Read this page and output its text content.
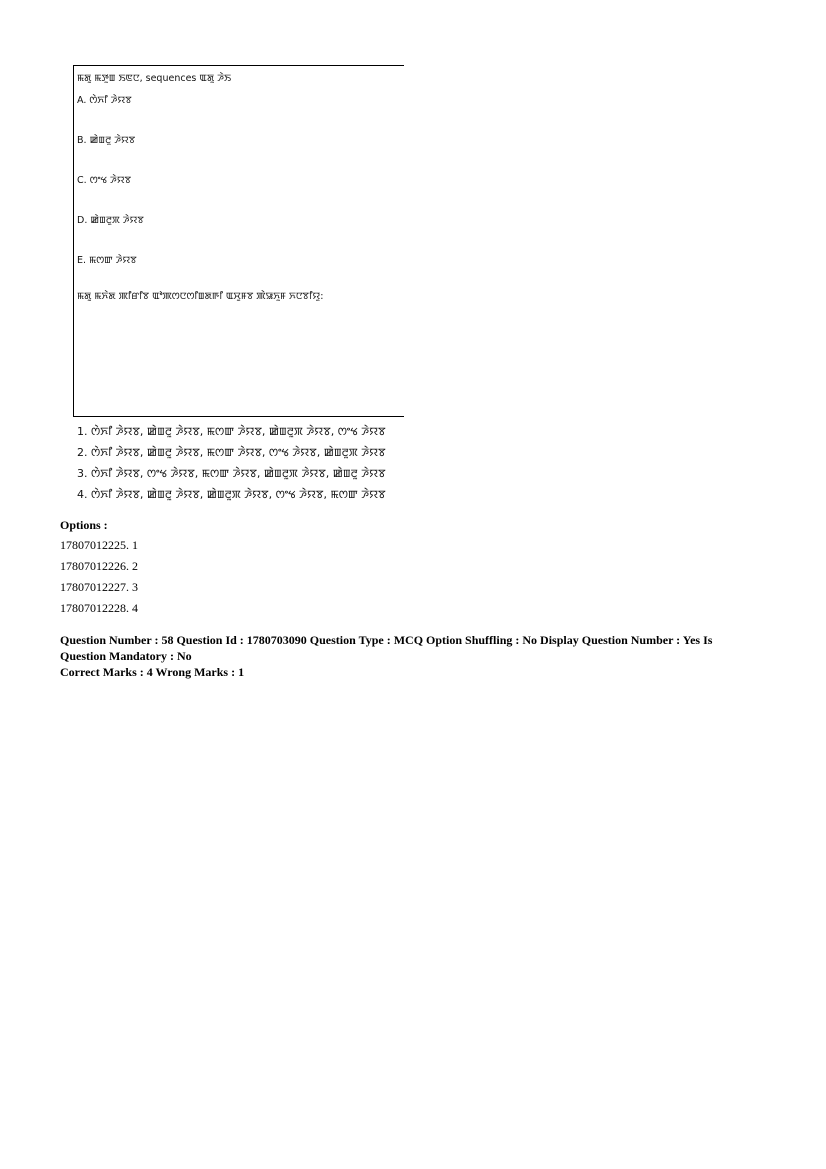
ꯃꯗꯨ ꯃꯇꯨꯡ ꯏꯟꯅ, sequences ꯑꯗꯨ ꯍꯥꯏ
A. ꯁꯥꯈꯤ ꯍꯥꯌꯕ
B. ꯀꯥꯡꯂꯨ ꯍꯥꯌꯕ
C. ꯁꯦꯠ ꯍꯥꯌꯕ
D. ꯀꯥꯡꯂꯨꯞ ꯍꯥꯌꯕ
E. ꯃꯁꯛ ꯍꯥꯌꯕ
ꯃꯗꯨ ꯃꯈꯥꯗ ꯄꯤꯔꯤꯕ ꯑꯣꯄꯁꯅꯁꯤꯡꯗꯒꯤ ꯑꯆꯨꯝꯕ ꯄꯥꯎꯈꯨꯝ ꯈꯅꯕꯤꯌꯨ:
1. ꯁꯥꯈꯤ ꯍꯥꯌꯕ, ꯀꯥꯡꯂꯨ ꯍꯥꯌꯕ, ꯃꯁꯛ ꯍꯥꯌꯕ, ꯀꯥꯡꯂꯨꯞ ꯍꯥꯌꯕ, ꯁꯦꯠ ꯍꯥꯌꯕ
2. ꯁꯥꯈꯤ ꯍꯥꯌꯕ, ꯀꯥꯡꯂꯨ ꯍꯥꯌꯕ, ꯃꯁꯛ ꯍꯥꯌꯕ, ꯁꯦꯠ ꯍꯥꯌꯕ, ꯀꯥꯡꯂꯨꯞ ꯍꯥꯌꯕ
3. ꯁꯥꯈꯤ ꯍꯥꯌꯕ, ꯁꯦꯠ ꯍꯥꯌꯕ, ꯃꯁꯛ ꯍꯥꯌꯕ, ꯀꯥꯡꯂꯨꯞ ꯍꯥꯌꯕ, ꯀꯥꯡꯂꯨ ꯍꯥꯌꯕ
4. ꯁꯥꯈꯤ ꯍꯥꯌꯕ, ꯀꯥꯡꯂꯨ ꯍꯥꯌꯕ, ꯀꯥꯡꯂꯨꯞ ꯍꯥꯌꯕ, ꯁꯦꯠ ꯍꯥꯌꯕ, ꯃꯁꯛ ꯍꯥꯌꯕ
Options :
17807012225. 1
17807012226. 2
17807012227. 3
17807012228. 4
Question Number : 58 Question Id : 1780703090 Question Type : MCQ Option Shuffling : No Display Question Number : Yes Is Question Mandatory : No
Correct Marks : 4 Wrong Marks : 1
